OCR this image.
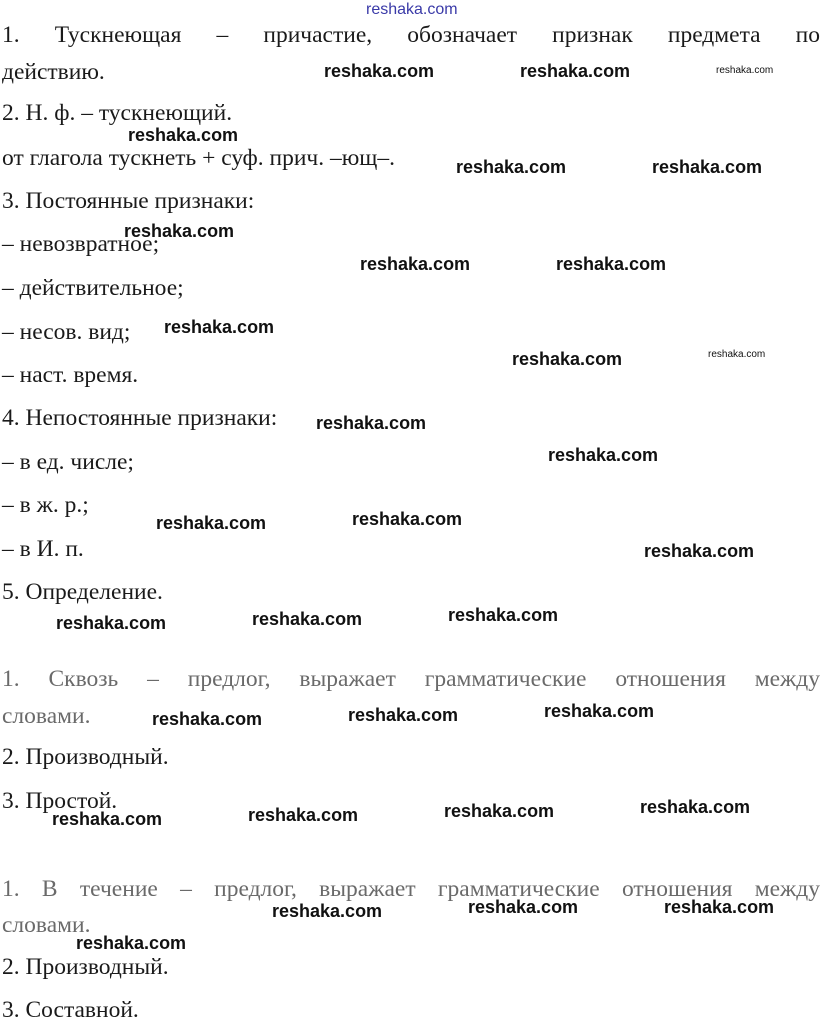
1. Тускнеющая – причастие, обозначает признак предмета по
действию.
2. Н. ф. – тускнеющий.
от глагола тускнеть + суф. прич. –ющ–.
3. Постоянные признаки:
– невозвратное;
– действительное;
– несов. вид;
– наст. время.
4. Непостоянные признаки:
– в ед. числе;
– в ж. р.;
– в И. п.
5. Определение.
1. Сквозь – предлог, выражает грамматические отношения между
словами.
2. Производный.
3. Простой.
1. В течение – предлог, выражает грамматические отношения между
словами.
2. Производный.
3. Составной.
reshaka.com
reshaka.com	reshaka.com	reshaka.com
reshaka.com
reshaka.com	reshaka.com
reshaka.com
reshaka.com	reshaka.com
reshaka.com
reshaka.com	reshaka.com
reshaka.com
reshaka.com
reshaka.com	reshaka.com
reshaka.com
reshaka.com	reshaka.com	reshaka.com
reshaka.com	reshaka.com	reshaka.com
reshaka.com	reshaka.com	reshaka.com	reshaka.com
reshaka.com	reshaka.com	reshaka.com
reshaka.com
